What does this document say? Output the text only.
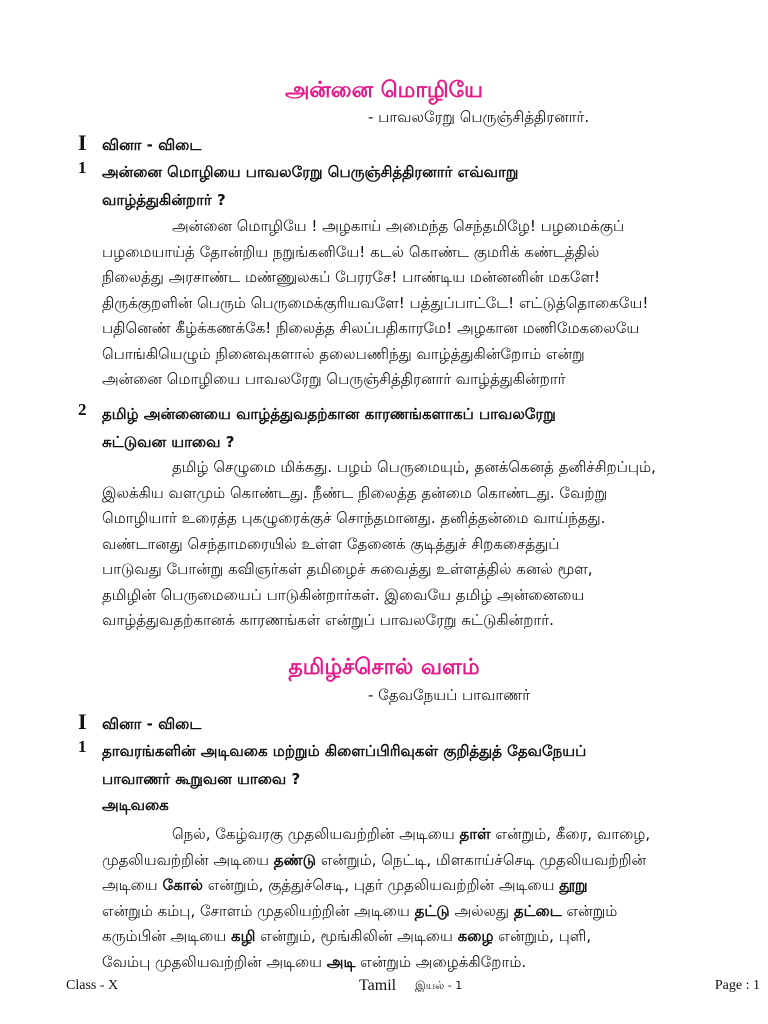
அன்னை மொழியே
- பாவலரேறு பெருஞ்சித்திரனார்.
I வினா - விடை
1	அன்னை மொழியை பாவலரேறு பெருஞ்சித்திரனார் எவ்வாறு
வாழ்த்துகின்றார் ?
அன்னை மொழியே ! அழகாய் அமைந்த செந்தமிழே! பழமைக்குப்
பழமையாய்த் தோன்றிய நறுங்கனியே! கடல் கொண்ட குமரிக் கண்டத்தில்
நிலைத்து அரசாண்ட மண்ணுலகப் பேரரசே! பாண்டிய மன்னனின் மகளே!
திருக்குறளின் பெரும் பெருமைக்குரியவளே! பத்துப்பாட்டே! எட்டுத்தொகையே!
பதினெண் கீழ்க்கணக்கே! நிலைத்த சிலப்பதிகாரமே! அழகான மணிமேகலையே
பொங்கியெழும் நினைவுகளால் தலைபணிந்து வாழ்த்துகின்றோம் என்று
அன்னை மொழியை பாவலரேறு பெருஞ்சித்திரனார் வாழ்த்துகின்றார்
2	தமிழ் அன்னையை வாழ்த்துவதற்கான காரணங்களாகப் பாவலரேறு
சுட்டுவன யாவை ?
தமிழ் செழுமை மிக்கது. பழம் பெருமையும், தனக்கெனத் தனிச்சிறப்பும்,
இலக்கிய வளமும் கொண்டது. நீண்ட நிலைத்த தன்மை கொண்டது. வேற்று
மொழியார் உரைத்த புகழுரைக்குச் சொந்தமானது. தனித்தன்மை வாய்ந்தது.
வண்டானது செந்தாமரையில் உள்ள தேனைக் குடித்துச் சிறகசைத்துப்
பாடுவது போன்று கவிஞர்கள் தமிழைச் சுவைத்து உள்ளத்தில் கனல் மூள,
தமிழின் பெருமையைப் பாடுகின்றார்கள். இவையே தமிழ் அன்னையை
வாழ்த்துவதற்கானக் காரணங்கள் என்றுப் பாவலரேறு சுட்டுகின்றார்.
தமிழ்ச்சொல் வளம்
- தேவநேயப் பாவாணர்
I வினா - விடை
1	தாவரங்களின் அடிவகை மற்றும் கிளைப்பிரிவுகள் குறித்துத் தேவநேயப்
பாவாணர் கூறுவன யாவை ?
அடிவகை
நெல், கேழ்வரகு முதலியவற்றின் அடியை தாள் என்றும், கீரை, வாழை,
முதலியவற்றின் அடியை தண்டு என்றும், நெட்டி, மிளகாய்ச்செடி முதலியவற்றின்
அடியை கோல் என்றும், குத்துச்செடி, புதர் முதலியவற்றின் அடியை தூறு
என்றும் கம்பு, சோளம் முதலியற்றின் அடியை தட்டு அல்லது தட்டை என்றும்
கரும்பின் அடியை கழி என்றும், மூங்கிலின் அடியை கழை என்றும், புளி,
வேம்பு முதலியவற்றின் அடியை அடி என்றும் அழைக்கிறோம்.
Class - X	Tamil இயல் - 1	Page : 1
